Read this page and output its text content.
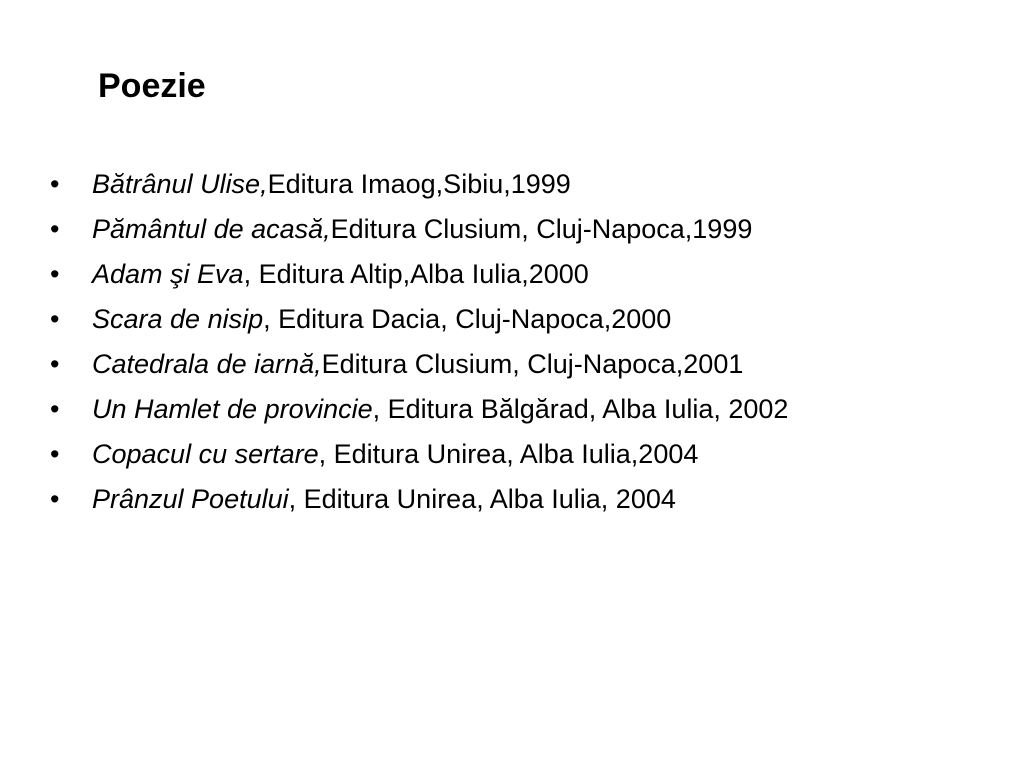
Poezie
•	Bătrânul Ulise,Editura Imaog,Sibiu,1999
•	Pământul de acasă,Editura Clusium, Cluj-Napoca,1999
•	Adam şi Eva, Editura Altip,Alba Iulia,2000
•	Scara de nisip, Editura Dacia, Cluj-Napoca,2000
•	Catedrala de iarnă,Editura Clusium, Cluj-Napoca,2001
•	Un Hamlet de provincie, Editura Bălgărad, Alba Iulia, 2002
•	Copacul cu sertare, Editura Unirea, Alba Iulia,2004
•	Prânzul Poetului, Editura Unirea, Alba Iulia, 2004
